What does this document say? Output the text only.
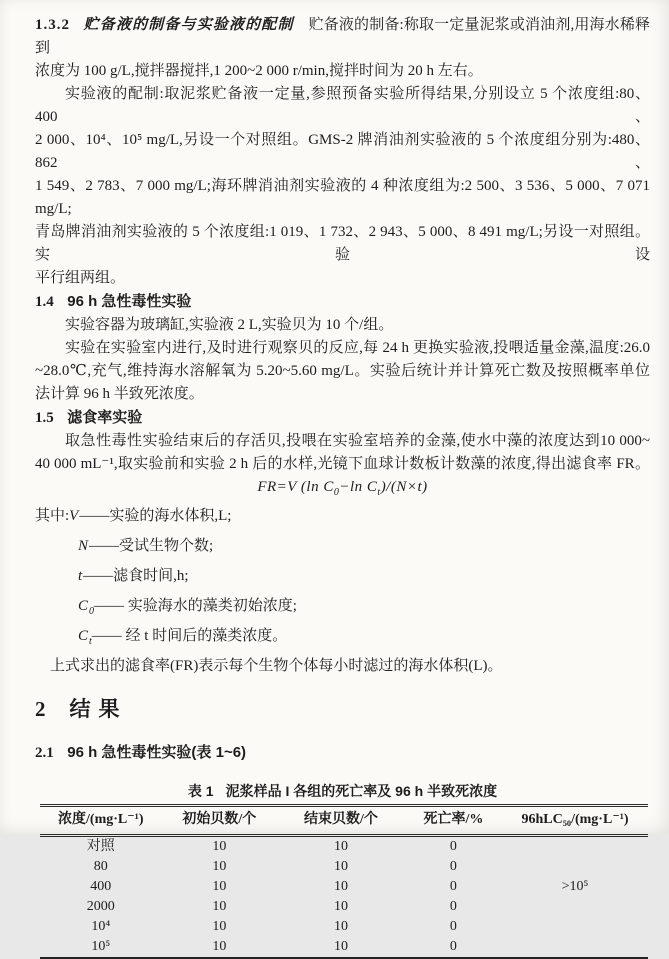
1.3.2 贮备液的制备与实验液的配制 贮备液的制备:称取一定量泥浆或消油剂,用海水稀释到
浓度为 100 g/L,搅拌器搅拌,1 200~2 000 r/min,搅拌时间为 20 h 左右。
实验液的配制:取泥浆贮备液一定量,参照预备实验所得结果,分别设立 5 个浓度组:80、400、
2 000、10⁴、10⁵ mg/L,另设一个对照组。GMS-2 牌消油剂实验液的 5 个浓度组分别为:480、862、
1 549、2 783、7 000 mg/L;海环牌消油剂实验液的 4 种浓度组为:2 500、3 536、5 000、7 071 mg/L;
青岛牌消油剂实验液的 5 个浓度组:1 019、1 732、2 943、5 000、8 491 mg/L;另设一对照组。实验设
平行组两组。
1.4 96 h 急性毒性实验
实验容器为玻璃缸,实验液 2 L,实验贝为 10 个/组。
实验在实验室内进行,及时进行观察贝的反应,每 24 h 更换实验液,投喂适量金藻,温度:26.0
~28.0℃,充气,维持海水溶解氧为 5.20~5.60 mg/L。实验后统计并计算死亡数及按照概率单位
法计算 96 h 半致死浓度。
1.5 滤食率实验
取急性毒性实验结束后的存活贝,投喂在实验室培养的金藻,使水中藻的浓度达到10 000~
40 000 mL⁻¹,取实验前和实验 2 h 后的水样,光镜下血球计数板计数藻的浓度,得出滤食率 FR。
FR=V (ln $C_0-\ln$ $C_t)/(N\times t)$
其中:V——实验的海水体积,L;
N——受试生物个数;
t——滤食时间,h;
$C_0——$ 实验海水的藻类初始浓度;
$C_t——$ 经 t 时间后的藻类浓度。
上式求出的滤食率(FR)表示每个生物个体每小时滤过的海水体积(L)。
2 结果
2.1 96 h 急性毒性实验(表 1~6)
表 1 泥浆样品 I 各组的死亡率及 96 h 半致死浓度
浓度/(mg·L⁻¹)	初始贝数/个	结束贝数/个	死亡率/%	96hLC₅₀/(mg·L⁻¹)
对照	10	10	0	
80	10	10	0	
400	10	10	0	>10⁵
2000	10	10	0	
10⁴	10	10	0	
10⁵	10	10	0	
